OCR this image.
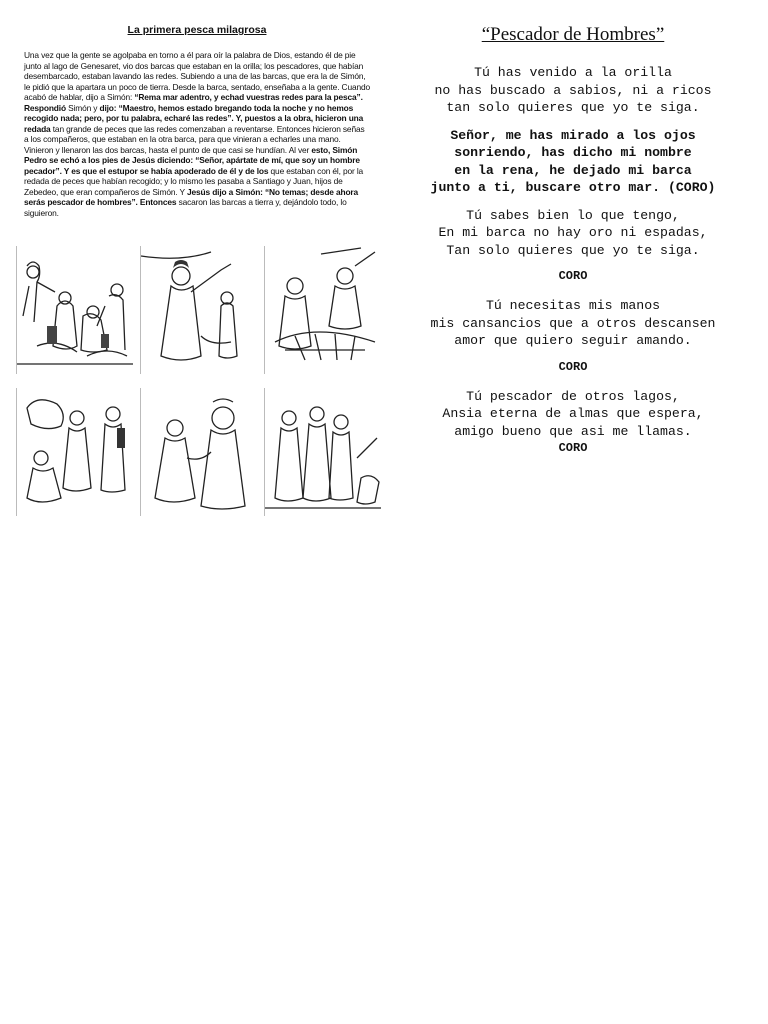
La primera pesca milagrosa

Una vez que la gente se agolpaba en torno a él para oír la palabra de Dios, estando él de pie junto al lago de Genesaret, vio dos barcas que estaban en la orilla; los pescadores, que habían desembarcado, estaban lavando las redes. Subiendo a una de las barcas, que era la de Simón, le pidió que la apartara un poco de tierra. Desde la barca, sentado, enseñaba a la gente. Cuando acabó de hablar, dijo a Simón: “Rema mar adentro, y echad vuestras redes para la pesca”. Respondió Simón y dijo: “Maestro, hemos estado bregando toda la noche y no hemos recogido nada; pero, por tu palabra, echaré las redes”. Y, puestos a la obra, hicieron una redada tan grande de peces que las redes comenzaban a reventarse. Entonces hicieron señas a los compañeros, que estaban en la otra barca, para que vinieran a echarles una mano.
Vinieron y llenaron las dos barcas, hasta el punto de que casi se hundían. Al ver esto, Simón Pedro se echó a los pies de Jesús diciendo: “Señor, apártate de mí, que soy un hombre pecador”. Y es que el estupor se había apoderado de él y de los que estaban con él, por la redada de peces que habían recogido; y lo mismo les pasaba a Santiago y Juan, hijos de Zebedeo, que eran compañeros de Simón. Y Jesús dijo a Simón: “No temas; desde ahora serás pescador de hombres”. Entonces sacaron las barcas a tierra y, dejándolo todo, lo siguieron.

“Pescador de Hombres”

Tú has venido a la orilla
no has buscado a sabios, ni a ricos
tan solo quieres que yo te siga.

Señor, me has mirado a los ojos
sonriendo, has dicho mi nombre
en la rena, he dejado mi barca
junto a ti, buscare otro mar. (CORO)

Tú sabes bien lo que tengo,
En mi barca no hay oro ni espadas,
Tan solo quieres que yo te siga.

CORO

Tú necesitas mis manos
mis cansancios que a otros descansen
amor que quiero seguir amando.

CORO

Tú pescador de otros lagos,
Ansia eterna de almas que espera,
amigo bueno que asi me llamas.
CORO
